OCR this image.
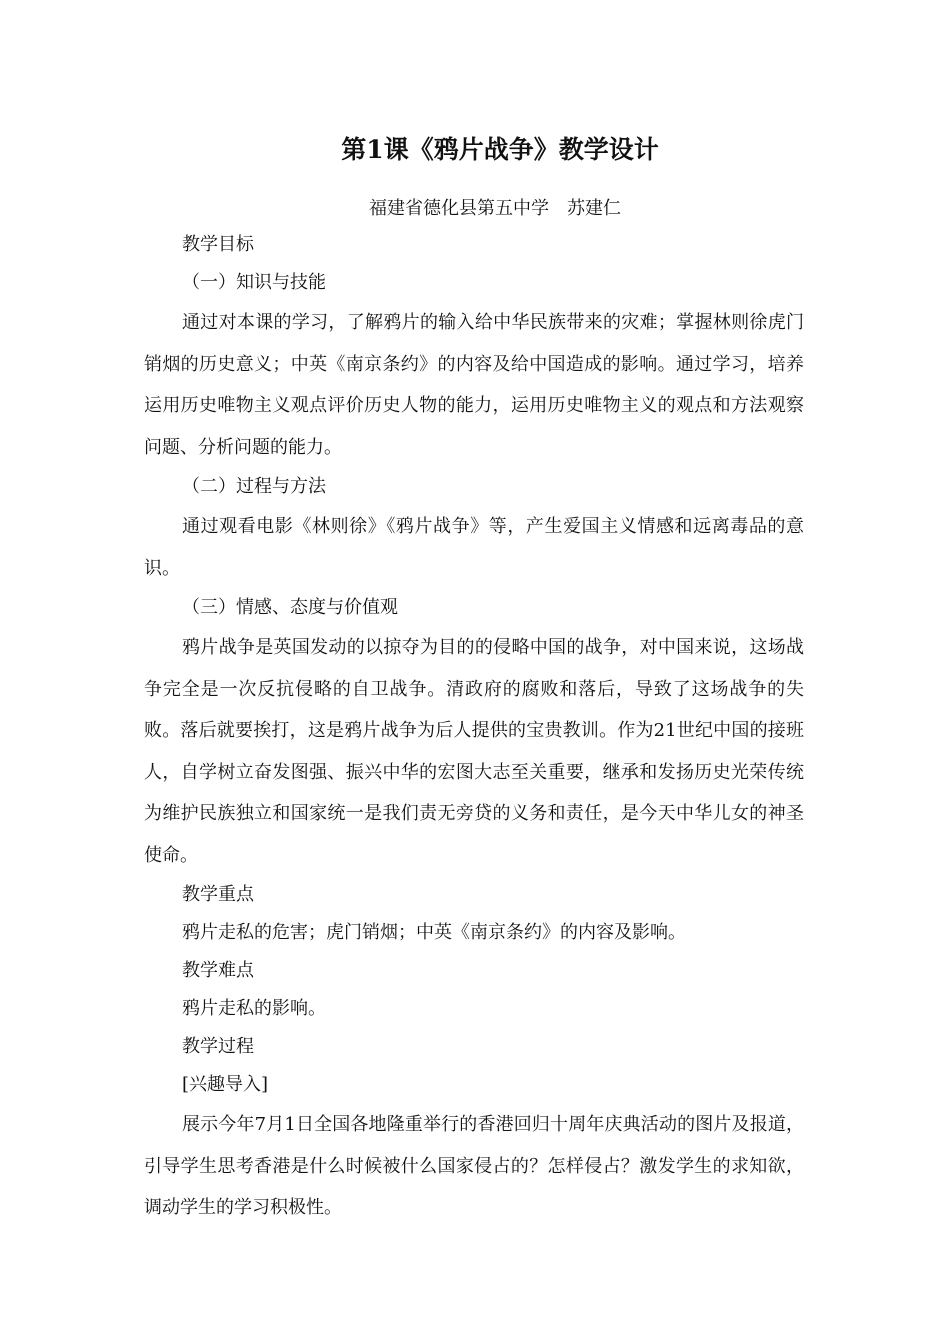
第1课《鸦片战争》教学设计
福建省德化县第五中学　苏建仁
教学目标
（一）知识与技能

通过对本课的学习，了解鸦片的输入给中华民族带来的灾难；掌握林则徐虎门销烟的历史意义；中英《南京条约》的内容及给中国造成的影响。通过学习，培养运用历史唯物主义观点评价历史人物的能力，运用历史唯物主义的观点和方法观察问题、分析问题的能力。

（二）过程与方法

通过观看电影《林则徐》《鸦片战争》等，产生爱国主义情感和远离毒品的意识。

（三）情感、态度与价值观

鸦片战争是英国发动的以掠夺为目的的侵略中国的战争，对中国来说，这场战争完全是一次反抗侵略的自卫战争。清政府的腐败和落后，导致了这场战争的失败。落后就要挨打，这是鸦片战争为后人提供的宝贵教训。作为21世纪中国的接班人，自学树立奋发图强、振兴中华的宏图大志至关重要，继承和发扬历史光荣传统为维护民族独立和国家统一是我们责无旁贷的义务和责任，是今天中华儿女的神圣使命。

教学重点
鸦片走私的危害；虎门销烟；中英《南京条约》的内容及影响。
教学难点
鸦片走私的影响。
教学过程
[兴趣导入]

展示今年7月1日全国各地隆重举行的香港回归十周年庆典活动的图片及报道，引导学生思考香港是什么时候被什么国家侵占的？怎样侵占？激发学生的求知欲，调动学生的学习积极性。
